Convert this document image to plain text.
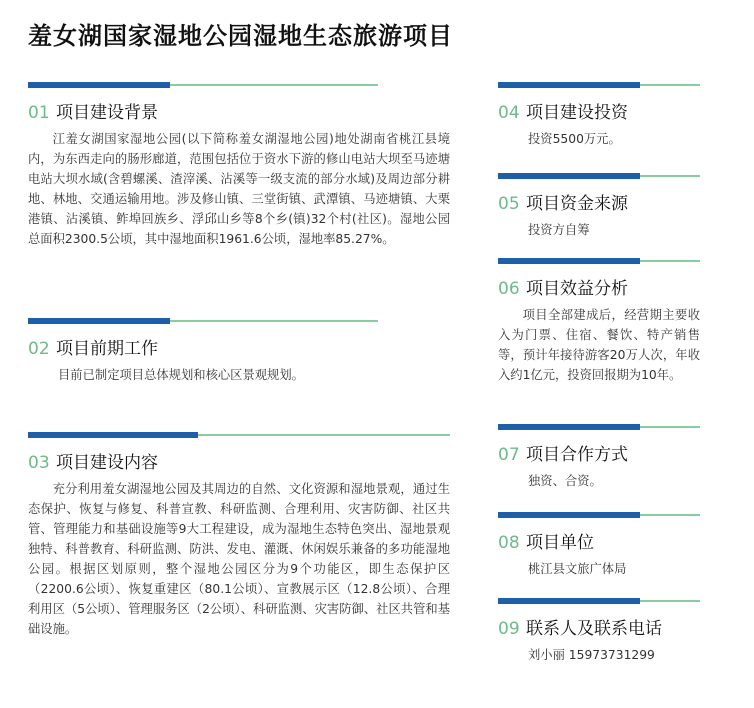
羞女湖国家湿地公园湿地生态旅游项目
01 项目建设背景
江羞女湖国家湿地公园(以下简称羞女湖湿地公园)地处湖南省桃江县境内，为东西走向的肠形廊道，范围包括位于资水下游的修山电站大坝至马迹塘电站大坝水域(含碧螺溪、渣滓溪、沾溪等一级支流的部分水域)及周边部分耕地、林地、交通运输用地。涉及修山镇、三堂街镇、武潭镇、马迹塘镇、大栗港镇、沾溪镇、鲊埠回族乡、浮邱山乡等8个乡(镇)32个村(社区)。湿地公园总面积2300.5公顷，其中湿地面积1961.6公顷，湿地率85.27%。
02 项目前期工作
目前已制定项目总体规划和核心区景观规划。
03 项目建设内容
充分利用羞女湖湿地公园及其周边的自然、文化资源和湿地景观，通过生态保护、恢复与修复、科普宣教、科研监测、合理利用、灾害防御、社区共管、管理能力和基础设施等9大工程建设，成为湿地生态特色突出、湿地景观独特、科普教育、科研监测、防洪、发电、灌溉、休闲娱乐兼备的多功能湿地公园。根据区划原则，整个湿地公园区分为9个功能区，即生态保护区（2200.6公顷）、恢复重建区（80.1公顷）、宣教展示区（12.8公顷）、合理利用区（5公顷）、管理服务区（2公顷）、科研监测、灾害防御、社区共管和基础设施。
04 项目建设投资
投资5500万元。
05 项目资金来源
投资方自筹
06 项目效益分析
项目全部建成后，经营期主要收入为门票、住宿、餐饮、特产销售等，预计年接待游客20万人次，年收入约1亿元，投资回报期为10年。
07 项目合作方式
独资、合资。
08 项目单位
桃江县文旅广体局
09 联系人及联系电话
刘小丽 15973731299
